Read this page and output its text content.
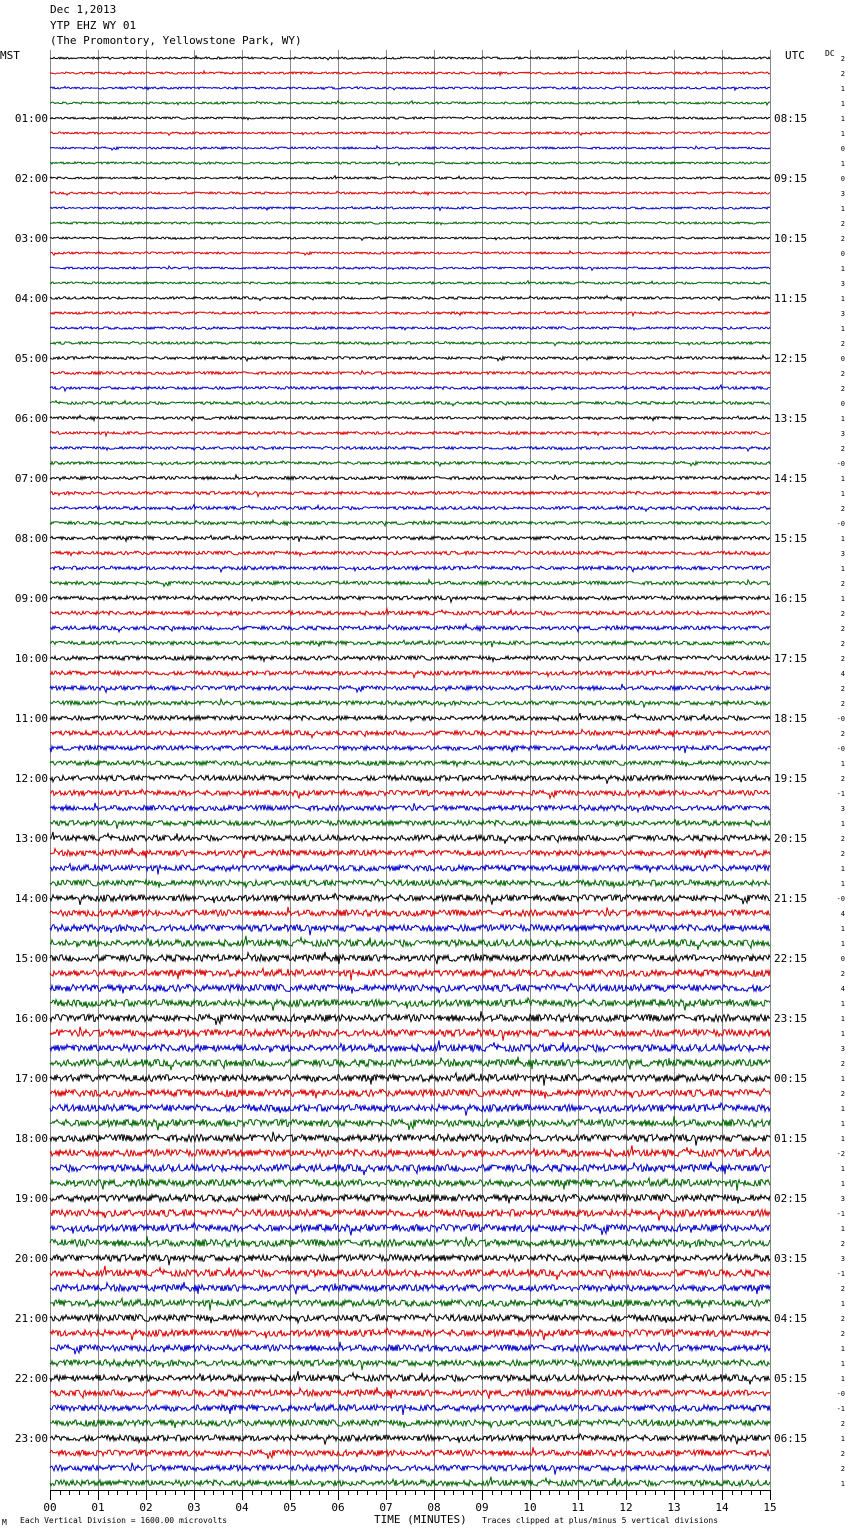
Dec 1,2013
YTP EHZ WY 01
(The Promontory, Yellowstone Park, WY)
MST	UTC	DC
01:00	08:15
02:00	09:15
03:00	10:15
04:00	11:15
05:00	12:15
06:00	13:15
07:00	14:15
08:00	15:15
09:00	16:15
10:00	17:15
11:00	18:15
12:00	19:15
13:00	20:15
14:00	21:15
15:00	22:15
16:00	23:15
17:00	00:15
18:00	01:15
19:00	02:15
20:00	03:15
21:00	04:15
22:00	05:15
23:00	06:15
2
2
1
1
1
1
0
1
0
3
1
2
2
0
1
3
1
3
1
2
0
2
2
0
1
3
2
-0
1
1
2
-0
1
3
1
2
1
2
2
2
2
4
2
2
-0
2
-0
1
2
-1
3
1
2
2
1
1
-0
4
1
1
0
2
4
1
1
1
3
2
1
2
1
1
1
-2
1
1
3
-1
1
2
3
-1
2
1
2
2
1
1
1
-0
-1
2
1
2
2
1
00	01	02	03	04	05	06	07	08	09	10	11	12	13	14	15
M Each Vertical Division = 1600.00 microvolts	TIME (MINUTES) Traces clipped at plus/minus 5 vertical divisions
